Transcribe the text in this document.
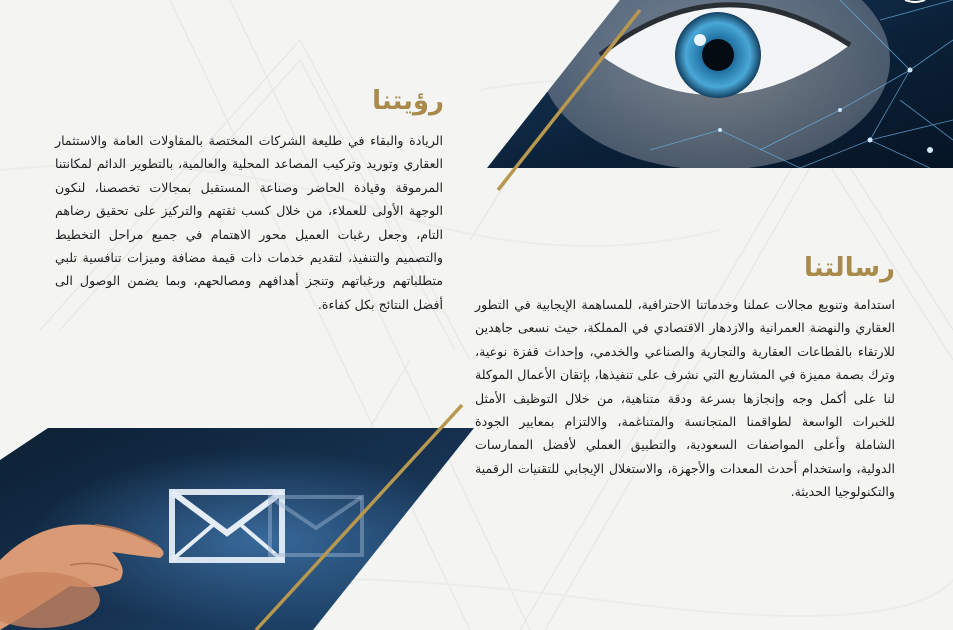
رؤيتنا

الريادة والبقاء في طليعة الشركات المختصة بالمقاولات العامة والاستثمار العقاري وتوريد وتركيب المصاعد المحلية والعالمية، بالتطوير الدائم لمكانتنا المرموقة وقيادة الحاضر وصناعة المستقبل بمجالات تخصصنا، لنكون الوجهة الأولى للعملاء، من خلال كسب ثقتهم والتركيز على تحقيق رضاهم التام، وجعل رغبات العميل محور الاهتمام في جميع مراحل التخطيط والتصميم والتنفيذ، لتقديم خدمات ذات قيمة مضافة وميزات تنافسية تلبي متطلباتهم ورغباتهم وتنجز أهدافهم ومصالحهم، وبما يضمن الوصول الى أفضل النتائج بكل كفاءة.

رسالتنا

استدامة وتنويع مجالات عملنا وخدماتنا الاحترافية، للمساهمة الإيجابية في التطور العقاري والنهضة العمرانية والازدهار الاقتصادي في المملكة، حيث نسعى جاهدين للارتقاء بالقطاعات العقارية والتجارية والصناعي والخدمي، وإحداث قفزة نوعية، وترك بصمة مميزة في المشاريع التي نشرف على تنفيذها، بإتقان الأعمال الموكلة لنا على أكمل وجه وإنجازها بسرعة ودقة متناهية، من خلال التوظيف الأمثل للخبرات الواسعة لطواقمنا المتجانسة والمتناغمة، والالتزام بمعايير الجودة الشاملة وأعلى المواصفات السعودية، والتطبيق العملي لأفضل الممارسات الدولية، واستخدام أحدث المعدات والأجهزة، والاستغلال الإيجابي للتقنيات الرقمية والتكنولوجيا الحديثة.
